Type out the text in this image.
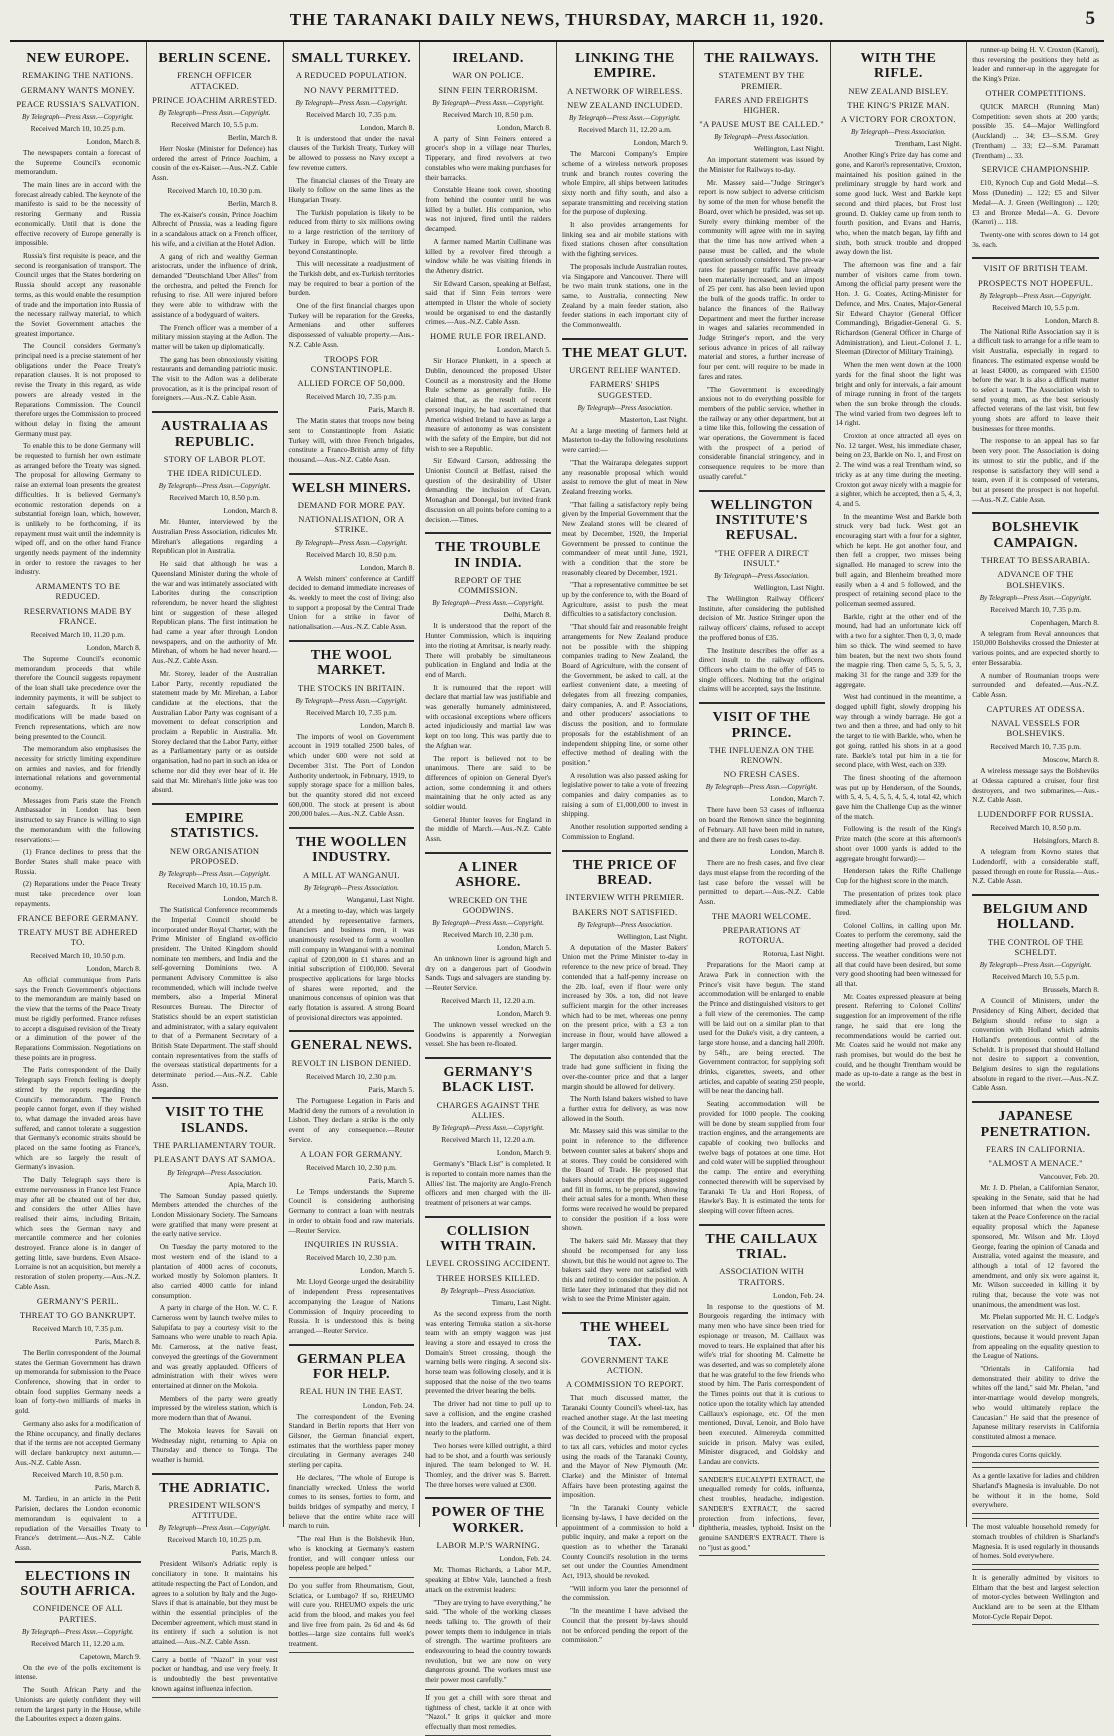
THE TARANAKI DAILY NEWS, THURSDAY, MARCH 11, 1920.	5
NEW EUROPE.
REMAKING THE NATIONS.
GERMANY WANTS MONEY.
PEACE RUSSIA'S SALVATION.
By Telegraph—Press Assn.—Copyright.
Received March 10, 10.25 p.m.
London, March 8.
The newspapers contain a forecast of the Supreme Council's economic memorandum.
The main lines are in accord with the forecast already cabled. The keynote of the manifesto is said to be the necessity of restoring Germany and Russia economically. Until that is done the effective recovery of Europe generally is impossible.
Russia's first requisite is peace, and the second is reorganisation of transport. The Council urges that the States bordering on Russia should accept any reasonable terms, as this would enable the resumption of trade and the importation into Russia of the necessary railway material, to which the Soviet Government attaches the greatest importance.
The Council considers Germany's principal need is a precise statement of her obligations under the Peace Treaty's reparation clauses. It is not proposed to revise the Treaty in this regard, as wide powers are already vested in the Reparations Commission. The Council therefore urges the Commission to proceed without delay in fixing the amount Germany must pay.
To enable this to be done Germany will be requested to furnish her own estimate as arranged before the Treaty was signed. The proposal for allowing Germany to raise an external loan presents the greatest difficulties. It is believed Germany's economic restoration depends on a substantial foreign loan, which, however, is unlikely to be forthcoming, if its repayment must wait until the indemnity is wiped off, and on the other hand France urgently needs payment of the indemnity in order to restore the ravages to her industry.
ARMAMENTS TO BE REDUCED.
RESERVATIONS MADE BY FRANCE.
Received March 10, 11.20 p.m.
London, March 8.
The Supreme Council's economic memorandum proceeds that while therefore the Council suggests repayment of the loan shall take precedence over the indemnity payments, it will be subject to certain safeguards. It is likely modifications will be made based on French representations, which are now being presented to the Council.
The memorandum also emphasises the necessity for strictly limiting expenditure on armies and navies, and for friendly international relations and governmental economy.
Messages from Paris state the French Ambassador in London has been instructed to say France is willing to sign the memorandum with the following reservations:—
(1) France declines to press that the Border States shall make peace with Russia.
(2) Reparations under the Peace Treaty must take precedence over loan repayments.
FRANCE BEFORE GERMANY.
TREATY MUST BE ADHERED TO.
Received March 10, 10.50 p.m.
London, March 8.
An official communique from Paris says the French Government's objections to the memorandum are mainly based on the view that the terms of the Peace Treaty must be rigidly performed. France refuses to accept a disguised revision of the Treaty or a diminution of the power of the Reparations Commission. Negotiations on these points are in progress.
The Paris correspondent of the Daily Telegraph says French feeling is deeply stirred by the reports regarding the Council's memorandum. The French people cannot forget, even if they wished to, what damage the invaded areas have suffered, and cannot tolerate a suggestion that Germany's economic straits should be placed on the same footing as France's, which are so largely the result of Germany's invasion.
The Daily Telegraph says there is extreme nervousness in France lest France may after all be cheated out of her due, and considers the other Allies have realised their aims, including Britain, which sees the German navy and mercantile commerce and her colonies destroyed. France alone is in danger of getting little, save burdens. Even Alsace-Lorraine is not an acquisition, but merely a restoration of stolen property.—Aus.-N.Z. Cable Assn.
GERMANY'S PERIL.
THREAT TO GO BANKRUPT.
Received March 10, 7.35 p.m.
Paris, March 8.
The Berlin correspondent of the Journal states the German Government has drawn up memoranda for submission to the Peace Conference, showing that in order to obtain food supplies Germany needs a loan of forty-two milliards of marks in gold.
Germany also asks for a modification of the Rhine occupancy, and finally declares that if the terms are not accepted Germany will declare bankruptcy next autumn.—Aus.-N.Z. Cable Assn.
Received March 10, 8.50 p.m.
Paris, March 8.
M. Tardieu, in an article in the Petit Parisien, declares the London economic memorandum is equivalent to a repudiation of the Versailles Treaty to France's detriment.—Aus.-N.Z. Cable Assn.
ELECTIONS IN SOUTH AFRICA.
CONFIDENCE OF ALL PARTIES.
By Telegraph—Press Assn.—Copyright.
Received March 11, 12.20 a.m.
Capetown, March 9.
On the eve of the polls excitement is intense.
The South African Party and the Unionists are quietly confident they will return the largest party in the House, while the Labourites expect a dozen gains.
BERLIN SCENE.
FRENCH OFFICER ATTACKED.
PRINCE JOACHIM ARRESTED.
By Telegraph—Press Assn.—Copyright.
Received March 10, 5.5 p.m.
Berlin, March 8.
Herr Noske (Minister for Defence) has ordered the arrest of Prince Joachim, a cousin of the ex-Kaiser.—Aus.-N.Z. Cable Assn.
Received March 10, 10.30 p.m.
Berlin, March 8.
The ex-Kaiser's cousin, Prince Joachim Albrecht of Prussia, was a leading figure in a scandalous attack on a French officer, his wife, and a civilian at the Hotel Adlon.
A gang of rich and wealthy German aristocrats, under the influence of drink, demanded "Deutschland Uber Alles" from the orchestra, and pelted the French for refusing to rise. All were injured before they were able to withdraw with the assistance of a bodyguard of waiters.
The French officer was a member of a military mission staying at the Adlon. The matter will be taken up diplomatically.
The gang has been obnoxiously visiting restaurants and demanding patriotic music. The visit to the Adlon was a deliberate provocation, as it is the principal resort of foreigners.—Aus.-N.Z. Cable Assn.
AUSTRALIA AS REPUBLIC.
STORY OF LABOR PLOT.
THE IDEA RIDICULED.
By Telegraph—Press Assn.—Copyright.
Received March 10, 8.50 p.m.
London, March 8.
Mr. Hunter, interviewed by the Australian Press Association, ridicules Mr. Mirehan's allegations regarding a Republican plot in Australia.
He said that although he was a Queensland Minister during the whole of the war and was intimately associated with Laborites during the conscription referendum, he never heard the slightest hint or suggestion of these alleged Republican plans. The first intimation he had came a year after through London newspapers, and on the authority of Mr. Mirehan, of whom he had never heard.—Aus.-N.Z. Cable Assn.
Mr. Storey, leader of the Australian Labor Party, recently repudiated the statement made by Mr. Mirehan, a Labor candidate at the elections, that the Australian Labor Party was cognisant of a movement to defeat conscription and proclaim a Republic in Australia. Mr. Storey declared that the Labor Party, either as a Parliamentary party or as outside organisation, had no part in such an idea or scheme nor did they ever hear of it. He said that Mr. Mirehan's little joke was too absurd.
EMPIRE STATISTICS.
NEW ORGANISATION PROPOSED.
By Telegraph—Press Assn.—Copyright.
Received March 10, 10.15 p.m.
London, March 8.
The Statistical Conference recommends the Imperial Council should be incorporated under Royal Charter, with the Prime Minister of England ex-officio president. The United Kingdom should nominate ten members, and India and the self-governing Dominions two. A permanent Advisory Committee is also recommended, which will include twelve members, also a Imperial Mineral Resources Bureau. The Director of Statistics should be an expert statistician and administrator, with a salary equivalent to that of a Permanent Secretary of a British State Department. The staff should contain representatives from the staffs of the overseas statistical departments for a determinate period.—Aus.-N.Z. Cable Assn.
VISIT TO THE ISLANDS.
THE PARLIAMENTARY TOUR.
PLEASANT DAYS AT SAMOA.
By Telegraph—Press Association.
Apia, March 10.
The Samoan Sunday passed quietly. Members attended the churches of the London Missionary Society. The Samoans were gratified that many were present at the early native service.
On Tuesday the party motored to the most western end of the island to a plantation of 4000 acres of coconuts, worked mostly by Solomon planters. It also carried 4000 cattle for inland consumption.
A party in charge of the Hon. W. C. F. Carneross went by launch twelve miles to Salupifata to pay a courtesy visit to the Samoans who were unable to reach Apia. Mr. Carneross, at the native feast, conveyed the greetings of the Government and was greatly applauded. Officers of administration with their wives were entertained at dinner on the Mokoia.
Members of the party were greatly impressed by the wireless station, which is more modern than that of Awanui.
The Mokoia leaves for Savaii on Wednesday night, returning to Apia on Thursday and thence to Tonga. The weather is humid.
THE ADRIATIC.
PRESIDENT WILSON'S ATTITUDE.
By Telegraph—Press Assn.—Copyright.
Received March 10, 10.25 p.m.
Paris, March 8.
President Wilson's Adriatic reply is conciliatory in tone. It maintains his attitude respecting the Pact of London, and agrees to a solution by Italy and the Jugo-Slavs if that is attainable, but they must be within the essential principles of the December agreement, which must stand in its entirety if such a solution is not attained.—Aus.-N.Z. Cable Assn.
Carry a bottle of "Nazol" in your vest pocket or handbag, and use very freely. It is undoubtedly the best preventative known against influenza infection.
SMALL TURKEY.
A REDUCED POPULATION.
NO NAVY PERMITTED.
By Telegraph—Press Assn.—Copyright.
Received March 10, 7.35 p.m.
London, March 8.
It is understood that under the naval clauses of the Turkish Treaty, Turkey will be allowed to possess no Navy except a few revenue cutters.
The financial clauses of the Treaty are likely to follow on the same lines as the Hungarian Treaty.
The Turkish population is likely to be reduced from thirty to six millions owing to a large restriction of the territory of Turkey in Europe, which will be little beyond Constantinople.
This will necessitate a readjustment of the Turkish debt, and ex-Turkish territories may be required to bear a portion of the burden.
One of the first financial charges upon Turkey will be reparation for the Greeks, Armenians and other sufferers dispossessed of valuable property.—Aus.-N.Z. Cable Assn.
TROOPS FOR CONSTANTINOPLE.
ALLIED FORCE OF 50,000.
Received March 10, 7.35 p.m.
Paris, March 8.
The Matin states that troops now being sent to Constantinople from Asiatic Turkey will, with three French brigades, constitute a Franco-British army of fifty thousand.—Aus.-N.Z. Cable Assn.
WELSH MINERS.
DEMAND FOR MORE PAY.
NATIONALISATION, OR A STRIKE.
By Telegraph—Press Assn.—Copyright.
Received March 10, 8.50 p.m.
London, March 8.
A Welsh miners' conference at Cardiff decided to demand immediate increases of 4s. weekly to meet the cost of living; also to support a proposal by the Central Trade Union for a strike in favor of nationalisation.—Aus.-N.Z. Cable Assn.
THE WOOL MARKET.
THE STOCKS IN BRITAIN.
By Telegraph—Press Assn.—Copyright.
Received March 10, 7.35 p.m.
London, March 8.
The imports of wool on Government account in 1919 totalled 2500 bales, of which under 600 were not sold at December 31st. The Port of London Authority undertook, in February, 1919, to supply storage space for a million bales, but the quantity stored did not exceed 600,000. The stock at present is about 200,000 bales.—Aus.-N.Z. Cable Assn.
THE WOOLLEN INDUSTRY.
A MILL AT WANGANUI.
By Telegraph—Press Association.
Wanganui, Last Night.
At a meeting to-day, which was largely attended by representative farmers, financiers and business men, it was unanimously resolved to form a woollen mill company in Wanganui with a nominal capital of £200,000 in £1 shares and an initial subscription of £100,000. Several prospective applications for large blocks of shares were reported, and the unanimous concensus of opinion was that early flotation is assured. A strong Board of provisional directors was appointed.
GENERAL NEWS.
REVOLT IN LISBON DENIED.
Received March 10, 2.30 p.m.
Paris, March 5.
The Portuguese Legation in Paris and Madrid deny the rumors of a revolution in Lisbon. They declare a strike is the only event of any consequence.—Reuter Service.
A LOAN FOR GERMANY.
Received March 10, 2.30 p.m.
Paris, March 5.
Le Temps understands the Supreme Council is considering authorising Germany to contract a loan with neutrals in order to obtain food and raw materials.—Reuter Service.
INQUIRIES IN RUSSIA.
Received March 10, 2.30 p.m.
London, March 5.
Mr. Lloyd George urged the desirability of independent Press representatives accompanying the League of Nations Commission of Inquiry proceeding to Russia. It is understood this is being arranged.—Reuter Service.
GERMAN PLEA FOR HELP.
REAL HUN IN THE EAST.
London, Feb. 24.
The correspondent of the Evening Standard in Berlin reports that Herr von Gilsner, the German financial expert, estimates that the worthless paper money circulating in Germany averages 240 sterling per capita.
He declares, "The whole of Europe is financially wrecked. Unless the world comes to its senses, forties to form, and builds bridges of sympathy and mercy, I believe that the entire white race will march to ruin.
"The real Hun is the Bolshevik Hun, who is knocking at Germany's eastern frontier, and will conquer unless our hopeless people are helped."
Do you suffer from Rheumatism, Gout, Sciatica, or Lumbago? If so, RHEUMO will cure you. RHEUMO expels the uric acid from the blood, and makes you feel and live free from pain. 2s 6d and 4s 6d bottles—large size contains full week's treatment.
IRELAND.
WAR ON POLICE.
SINN FEIN TERRORISM.
By Telegraph—Press Assn.—Copyright.
Received March 10, 8.50 p.m.
London, March 8.
A party of Sinn Feiners entered a grocer's shop in a village near Thurles, Tipperary, and fired revolvers at two constables who were making purchases for their barracks.
Constable Heane took cover, shooting from behind the counter until he was killed by a bullet. His companion, who was not injured, fired until the raiders decamped.
A farmer named Martin Cullinane was killed by a revolver fired through a window while he was visiting friends in the Athenry district.
Sir Edward Carson, speaking at Belfast, said that if Sinn Fein terrors were attempted in Ulster the whole of society would be organised to end the dastardly crimes.—Aus.-N.Z. Cable Assn.
HOME RULE FOR IRELAND.
London, March 5.
Sir Horace Plunkett, in a speech at Dublin, denounced the proposed Ulster Council as a monstrosity and the Home Rule scheme as generally futile. He claimed that, as the result of recent personal inquiry, he had ascertained that America wished Ireland to have as large a measure of autonomy as was consistent with the safety of the Empire, but did not wish to see a Republic.
Sir Edward Carson, addressing the Unionist Council at Belfast, raised the question of the desirability of Ulster demanding the inclusion of Cavan, Monaghan and Donegal, but invited frank discussion on all points before coming to a decision.—Times.
THE TROUBLE IN INDIA.
REPORT OF THE COMMISSION.
By Telegraph—Press Assn.—Copyright.
Delhi, March 8.
It is understood that the report of the Hunter Commission, which is inquiring into the rioting at Amritsar, is nearly ready. There will probably be simultaneous publication in England and India at the end of March.
It is rumoured that the report will declare that martial law was justifiable and was generally humanely administered, with occasional exceptions where officers acted injudiciously and martial law was kept on too long. This was partly due to the Afghan war.
The report is believed not to be unanimous. There are said to be differences of opinion on General Dyer's action, some condemning it and others maintaining that he only acted as any soldier would.
General Hunter leaves for England in the middle of March.—Aus.-N.Z. Cable Assn.
A LINER ASHORE.
WRECKED ON THE GOODWINS.
By Telegraph—Press Assn.—Copyright.
Received March 10, 2.30 p.m.
London, March 5.
An unknown liner is aground high and dry on a dangerous part of Goodwin Sands. Tugs and salvagers are standing by.—Reuter Service.
Received March 11, 12.20 a.m.
London, March 9.
The unknown vessel wrecked on the Goodwins is apparently a Norwegian vessel. She has been re-floated.
GERMANY'S BLACK LIST.
CHARGES AGAINST THE ALLIES.
By Telegraph—Press Assn.—Copyright.
Received March 11, 12.20 a.m.
London, March 9.
Germany's "Black List" is completed. It is reported to contain more names than the Allies' list. The majority are Anglo-French officers and men charged with the ill-treatment of prisoners at war camps.
COLLISION WITH TRAIN.
LEVEL CROSSING ACCIDENT.
THREE HORSES KILLED.
By Telegraph—Press Association.
Timaru, Last Night.
As the second express from the north was entering Temuka station a six-horse team with an empty waggon was just leaving a store and essayed to cross the Domain's Street crossing, though the warning bells were ringing. A second six-horse team was following closely, and it is supposed that the noise of the two teams prevented the driver hearing the bells.
The driver had not time to pull up to save a collision, and the engine crashed into the leaders, and carried one of them nearly to the platform.
Two horses were killed outright, a third had to be shot, and a fourth was seriously injured. The team belonged to W. H. Thomley, and the driver was S. Barrett. The three horses were valued at £300.
POWER OF THE WORKER.
LABOR M.P.'S WARNING.
London, Feb. 24.
Mr. Thomas Richards, a Labor M.P., speaking at Ebbw Vale, launched a fresh attack on the extremist leaders:
"They are trying to have everything," he said. "The whole of the working classes needs talking to. The growth of their power tempts them to indulgence in trials of strength. The wartime profiteers are endeavouring to head the country towards revolution, but we are now on very dangerous ground. The workers must use their power most carefully."
If you get a chill with sore throat and tightness of chest, tackle it at once with "Nazol." It grips it quicker and more effectually than most remedies.
LINKING THE EMPIRE.
A NETWORK OF WIRELESS.
NEW ZEALAND INCLUDED.
By Telegraph—Press Assn.—Copyright.
Received March 11, 12.20 a.m.
London, March 9.
The Marconi Company's Empire scheme of a wireless network proposes trunk and branch routes covering the whole Empire, all ships between latitudes sixty north and fifty south, and also a separate transmitting and receiving station for the purpose of duplexing.
It also provides arrangements for linking sea and air mobile stations with fixed stations chosen after consultation with the fighting services.
The proposals include Australian routes, via Singapore and Vancouver. There will be two main trunk stations, one in the same, to Australia, connecting New Zealand by a main feeder station, also feeder stations in each important city of the Commonwealth.
THE MEAT GLUT.
URGENT RELIEF WANTED.
FARMERS' SHIPS SUGGESTED.
By Telegraph—Press Association.
Masterton, Last Night.
At a large meeting of farmers held at Masterton to-day the following resolutions were carried:—
"That the Wairarapa delegates support any reasonable proposal which would assist to remove the glut of meat in New Zealand freezing works.
"That failing a satisfactory reply being given by the Imperial Government that the New Zealand stores will be cleared of meat by December, 1920, the Imperial Government be pressed to continue the commandeer of meat until June, 1921, with a condition that the store be reasonably cleared by December, 1921.
"That a representative committee be set up by the conference to, with the Board of Agriculture, assist to push the meat difficulties to a satisfactory conclusion.
"That should fair and reasonable freight arrangements for New Zealand produce not be possible with the shipping companies trading to New Zealand, the Board of Agriculture, with the consent of the Government, be asked to call, at the earliest convenient date, a meeting of delegates from all freezing companies, dairy companies, A. and P. Associations, and other producers' associations to discuss the position, and to formulate proposals for the establishment of an independent shipping line, or some other effective method of dealing with the position."
A resolution was also passed asking for legislative power to take a vote of freezing companies and dairy companies as to raising a sum of £1,000,000 to invest in shipping.
Another resolution supported sending a Commission to England.
THE PRICE OF BREAD.
INTERVIEW WITH PREMIER.
BAKERS NOT SATISFIED.
By Telegraph—Press Association.
Wellington, Last Night.
A deputation of the Master Bakers' Union met the Prime Minister to-day in reference to the new price of bread. They contended that a half-penny increase on the 2lb. loaf, even if flour were only increased by 30s. a ton, did not leave sufficient margin for the other increases which had to be met, whereas one penny on the present price, with a £3 a ton increase in flour, would have allowed a larger margin.
The deputation also contended that the trade had gone sufficient in fixing the over-the-counter price and that a larger margin should be allowed for delivery.
The North Island bakers wished to have a further extra for delivery, as was now allowed in the South.
Mr. Massey said this was similar to the point in reference to the difference between counter sales at bakers' shops and at stores. They could be considered with the Board of Trade. He proposed that bakers should accept the prices suggested and fill in forms, to be prepared, showing their actual sales for a month. When these forms were received he would be prepared to consider the position if a loss were shown.
The bakers said Mr. Massey that they should be recompensed for any loss shown, but this he would not agree to. The bakers said they were not satisfied with this and retired to consider the position. A little later they intimated that they did not wish to see the Prime Minister again.
THE WHEEL TAX.
GOVERNMENT TAKE ACTION.
A COMMISSION TO REPORT.
That much discussed matter, the Taranaki County Council's wheel-tax, has reached another stage. At the last meeting of the Council, it will be remembered, it was decided to proceed with the proposal to tax all cars, vehicles and motor cycles using the roads of the Taranaki County, and the Mayor of New Plymouth (Mr. Clarke) and the Minister of Internal Affairs have been protesting against the imposition.
"In the Taranaki County vehicle licensing by-laws, I have decided on the appointment of a commission to hold a public inquiry, and make a report on the question as to whether the Taranaki County Council's resolution in the terms set out under the Counties Amendment Act, 1913, should be revoked.
"Will inform you later the personnel of the commission.
"In the meantime I have advised the Council that the present by-laws should not be enforced pending the report of the commission."
THE RAILWAYS.
STATEMENT BY THE PREMIER.
FARES AND FREIGHTS HIGHER.
"A PAUSE MUST BE CALLED."
By Telegraph—Press Association.
Wellington, Last Night.
An important statement was issued by the Minister for Railways to-day.
Mr. Massey said—"Judge Stringer's report is now subject to adverse criticism by some of the men for whose benefit the Board, over which he presided, was set up. Surely every thinking member of the community will agree with me in saying that the time has now arrived when a pause must be called, and the whole question seriously considered. The pre-war rates for passenger traffic have already been materially increased, and an impost of 25 per cent. has also been levied upon the bulk of the goods traffic. In order to balance the finances of the Railway Department and meet the further increase in wages and salaries recommended in Judge Stringer's report, and the very serious advance in prices of all railway material and stores, a further increase of four per cent. will require to be made in fares and rates.
"The Government is exceedingly anxious not to do everything possible for members of the public service, whether in the railway or any other department, but at a time like this, following the cessation of war operations, the Government is faced with the prospect of a period of considerable financial stringency, and in consequence requires to be more than usually careful."
WELLINGTON INSTITUTE'S REFUSAL.
"THE OFFER A DIRECT INSULT."
By Telegraph—Press Association.
Wellington, Last Night.
The Wellington Railway Officers' Institute, after considering the published decision of Mr. Justice Stringer upon the railway officers' claims, refused to accept the proffered bonus of £35.
The Institute describes the offer as a direct insult to the railway officers. Officers who claim to the offer of £45 to single officers. Nothing but the original claims will be accepted, says the Institute.
VISIT OF THE PRINCE.
THE INFLUENZA ON THE RENOWN.
NO FRESH CASES.
By Telegraph—Press Assn.—Copyright.
London, March 7.
There have been 53 cases of influenza on board the Renown since the beginning of February. All have been mild in nature, and there are no fresh cases to-day.
London, March 8.
There are no fresh cases, and five clear days must elapse from the recording of the last case before the vessel will be permitted to depart.—Aus.-N.Z. Cable Assn.
THE MAORI WELCOME.
PREPARATIONS AT ROTORUA.
Rotorua, Last Night.
Preparations for the Maori camp at Arawa Park in connection with the Prince's visit have begun. The stand accommodation will be enlarged to enable the Prince and distinguished visitors to get a full view of the ceremonies. The camp will be laid out on a similar plan to that used for the Duke's visit, a dry canteen, a large store house, and a dancing hall 200ft. by 54ft., are being erected. The Government contractor, for supplying soft drinks, cigarettes, sweets, and other articles, and capable of seating 250 people, will be near the dancing hall.
Seating accommodation will be provided for 1000 people. The cooking will be done by steam supplied from four traction engines, and the arrangements are capable of cooking two bullocks and twelve bags of potatoes at one time. Hot and cold water will be supplied throughout the camp. The entire and everything connected therewith will be supervised by Taranaki Te Ua and Hori Ropess, of Hawke's Bay. It is estimated the tents for sleeping will cover fifteen acres.
THE CAILLAUX TRIAL.
ASSOCIATION WITH TRAITORS.
London, Feb. 24.
In response to the questions of M. Bourgeois regarding the intimacy with many men who have since been tried for espionage or treason, M. Caillaux was moved to tears. He explained that after his wife's trial for shooting M. Calmette he was deserted, and was so completely alone that he was grateful to the few friends who stood by him. The Paris correspondent of the Times points out that it is curious to notice upon the totality which lay attended Caillaux's espionage, etc. Of the men mentioned, Duval, Lenoir, and Bolo have been executed. Almereyda committed suicide in prison. Malvy was exiled, Minister disgraced, and Goldsky and Landau are convicts.
SANDER'S EUCALYPTI EXTRACT, the unequalled remedy for colds, influenza, chest troubles, headache, indigestion. SANDER'S EXTRACT, the sacred protection from infections, fever, diphtheria, measles, typhoid. Insist on the genuine SANDER'S EXTRACT. There is no "just as good."
WITH THE RIFLE.
NEW ZEALAND BISLEY.
THE KING'S PRIZE MAN.
A VICTORY FOR CROXTON.
By Telegraph—Press Association.
Trentham, Last Night.
Another King's Prize day has come and gone, and Karori's representative, Croxton, maintained his position gained in the preliminary struggle by hard work and some good luck. West and Barkle kept second and third places, but Frost lost ground. D. Oakley came up from tenth to fourth position, and Evans and Harris, who, when the match began, lay fifth and sixth, both struck trouble and dropped away down the list.
The afternoon was fine and a fair number of visitors came from town. Among the official party present were the Hon. J. G. Coates, Acting-Minister for Defence, and Mrs. Coates, Major-General Sir Edward Chaytor (General Officer Commanding), Brigadier-General G. S. Richardson (General Officer in Charge of Administration), and Lieut.-Colonel J. L. Sleeman (Director of Military Training).
When the men went down at the 1000 yards for the final shoot the light was bright and only for intervals, a fair amount of mirage running in front of the targets when the sun broke through the clouds. The wind varied from two degrees left to 14 right.
Croxton at once attracted all eyes on No. 12 target. West, his immediate chaser, being on 23, Barkle on No. 1, and Frost on 2. The wind was a real Trentham wind, so tricky as at any time during the meeting. Croxton got away nicely with a magpie for a sighter, which he accepted, then a 5, 4, 3, 4, and 5.
In the meantime West and Barkle both struck very bad luck. West got an encouraging start with a four for a sighter, which he kept. He got another four, and then fell a cropper, two misses being signalled. He managed to screw into the bull again, and Blenheim breathed more easily when a 4 and 5 followed, and the prospect of retaining second place to the policeman seemed assured.
Barkle, right at the other end of the mound, had had an unfortunate kick off with a two for a sighter. Then 0, 3, 0, made him so thick. The wind seemed to have him beaten, but the next two shots found the magpie ring. Then came 5, 5, 5, 5, 3, making 31 for the range and 339 for the aggregate.
West had continued in the meantime, a dogged uphill fight, slowly dropping his way through a windy barrage. He got a two and then a three, and had only to hit the target to tie with Barkle, who, when he got going, rattled his shots in at a good rate. Barkle's total put him in a tie for second place, with West, each on 339.
The finest shooting of the afternoon was put up by Henderson, of the Sounds, with 5, 4, 5, 4, 5, 5, 4, 5, 4, total 42, which gave him the Challenge Cup as the winner of the match.
Following is the result of the King's Prize match (the score at this afternoon's shoot over 1000 yards is added to the aggregate brought forward):—
Henderson takes the Rifle Challenge Cup for the highest score in the match.
The presentation of prizes took place immediately after the championship was fired.
Colonel Collins, in calling upon Mr. Coates to perform the ceremony, said the meeting altogether had proved a decided success. The weather conditions were not all that could have been desired, but some very good shooting had been witnessed for all that.
Mr. Coates expressed pleasure at being present. Referring to Colonel Collins' suggestion for an improvement of the rifle range, he said that ere long the recommendations would be carried out. Mr. Coates said he would not make any rash promises, but would do the best he could, and he thought Trentham would be made as up-to-date a range as the best in the world.
runner-up being H. V. Croxton (Karori), thus reversing the positions they held as leader and runner-up in the aggregate for the King's Prize.
OTHER COMPETITIONS.
QUICK MARCH (Running Man) Competition: seven shots at 200 yards; possible 35. £4—Major Wellingford (Auckland) ... 34; £3—S.S.M. Grey (Trentham) ... 33; £2—S.M. Paramatt (Trentham) ... 33.
SERVICE CHAMPIONSHIP.
£10, Kynoch Cup and Gold Medal—S. Moss (Dunedin) ... 122; £5 and Silver Medal—A. J. Green (Wellington) ... 120; £3 and Bronze Medal—A. G. Devore (Karori) ... 118.
Twenty-one with scores down to 14 got 3s. each.
VISIT OF BRITISH TEAM.
PROSPECTS NOT HOPEFUL.
By Telegraph—Press Assn.—Copyright.
Received March 10, 5.5 p.m.
London, March 8.
The National Rifle Association say it is a difficult task to arrange for a rifle team to visit Australia, especially in regard to finances. The estimated expense would be at least £4000, as compared with £1500 before the war. It is also a difficult matter to select a team. The Association wish to send young men, as the best seriously affected veterans of the last visit, but few young shots are afford to leave their businesses for three months.
The response to an appeal has so far been very poor. The Association is doing its utmost to stir the public, and if the response is satisfactory they will send a team, even if it is composed of veterans, but at present the prospect is not hopeful.—Aus.-N.Z. Cable Assn.
BOLSHEVIK CAMPAIGN.
THREAT TO BESSARABIA.
ADVANCE OF THE BOLSHEVIKS.
By Telegraph—Press Assn.—Copyright.
Received March 10, 7.35 p.m.
Copenhagen, March 8.
A telegram from Reval announces that 150,000 Bolsheviks crossed the Dniester at various points, and are expected shortly to enter Bessarabia.
A number of Roumanian troops were surrounded and defeated.—Aus.-N.Z. Cable Assn.
CAPTURES AT ODESSA.
NAVAL VESSELS FOR BOLSHEVIKS.
Received March 10, 7.35 p.m.
Moscow, March 8.
A wireless message says the Bolsheviks at Odessa captured a cruiser, four first destroyers, and two submarines.—Aus.-N.Z. Cable Assn.
LUDENDORFF FOR RUSSIA.
Received March 10, 8.50 p.m.
Helsingfors, March 8.
A telegram from Kovno states that Ludendorff, with a considerable staff, passed through en route for Russia.—Aus.-N.Z. Cable Assn.
BELGIUM AND HOLLAND.
THE CONTROL OF THE SCHELDT.
By Telegraph—Press Assn.—Copyright.
Received March 10, 5.5 p.m.
Brussels, March 8.
A Council of Ministers, under the Presidency of King Albert, decided that Belgium should refuse to sign a convention with Holland which admits Holland's pretentious control of the Scheldt. It is proposed that should Holland not desire to support a convention, Belgium desires to sign the regulations absolute in regard to the river.—Aus.-N.Z. Cable Assn.
JAPANESE PENETRATION.
FEARS IN CALIFORNIA.
"ALMOST A MENACE."
Vancouver, Feb. 20.
Mr. J. D. Phelan, a Californian Senator, speaking in the Senate, said that he had been informed that when the vote was taken at the Peace Conference on the racial equality proposal which the Japanese sponsored, Mr. Wilson and Mr. Lloyd George, fearing the opinion of Canada and Australia, voted against the measure, and although a total of 12 favored the amendment, and only six were against it, Mr. Wilson succeeded in killing it by ruling that, because the vote was not unanimous, the amendment was lost.
Mr. Phelan supported Mr. H. C. Lodge's reservation on the subject of domestic questions, because it would prevent Japan from appealing on the equality question to the League of Nations.
"Orientals in California had demonstrated their ability to drive the whites off the land," said Mr. Phelan, "and inter-marriage would develop mongrels, who would ultimately replace the Caucasian." He said that the presence of Japanese military reservists in California constituted almost a menace.
Progonda cures Corns quickly.
As a gentle laxative for ladies and children Sharland's Magnesia is invaluable. Do not be without it in the home, Sold everywhere.
The most valuable household remedy for stomach troubles of children is Sharland's Magnesia. It is used regularly in thousands of homes. Sold everywhere.
It is generally admitted by visitors to Eltham that the best and largest selection of motor-cycles between Wellington and Auckland are to be seen at the Eltham Motor-Cycle Repair Depot.
